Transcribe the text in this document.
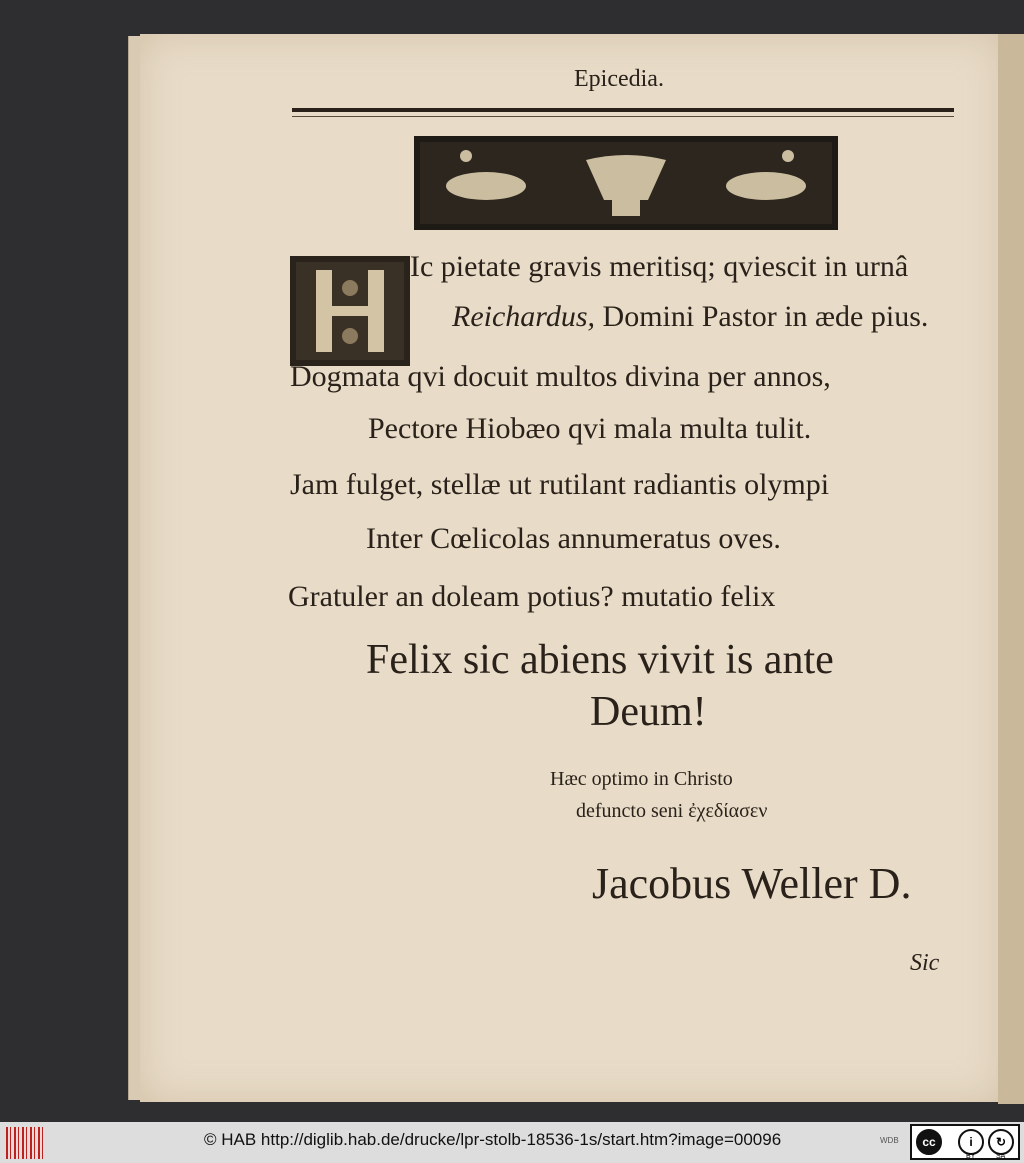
Epicedia.
Ic pietate gravis meritisq; qviescit in urnâ
Reichardus, Domini Pastor in æde pius.
Dogmata qvi docuit multos divina per annos,
Pectore Hiobæo qvi mala multa tulit.
Jam fulget, stellæ ut rutilant radiantis olympi
Inter Cœlicolas annumeratus oves.
Gratuler an doleam potius? mutatio felix
Felix sic abiens vivit is ante
Deum!
Hæc optimo in Christo
defuncto seni ἐχεδίασεν
Jacobus Weller D.
Sic
© HAB http://diglib.hab.de/drucke/lpr-stolb-18536-1s/start.htm?image=00096	WDB	cc	i	↻
BY	SA
